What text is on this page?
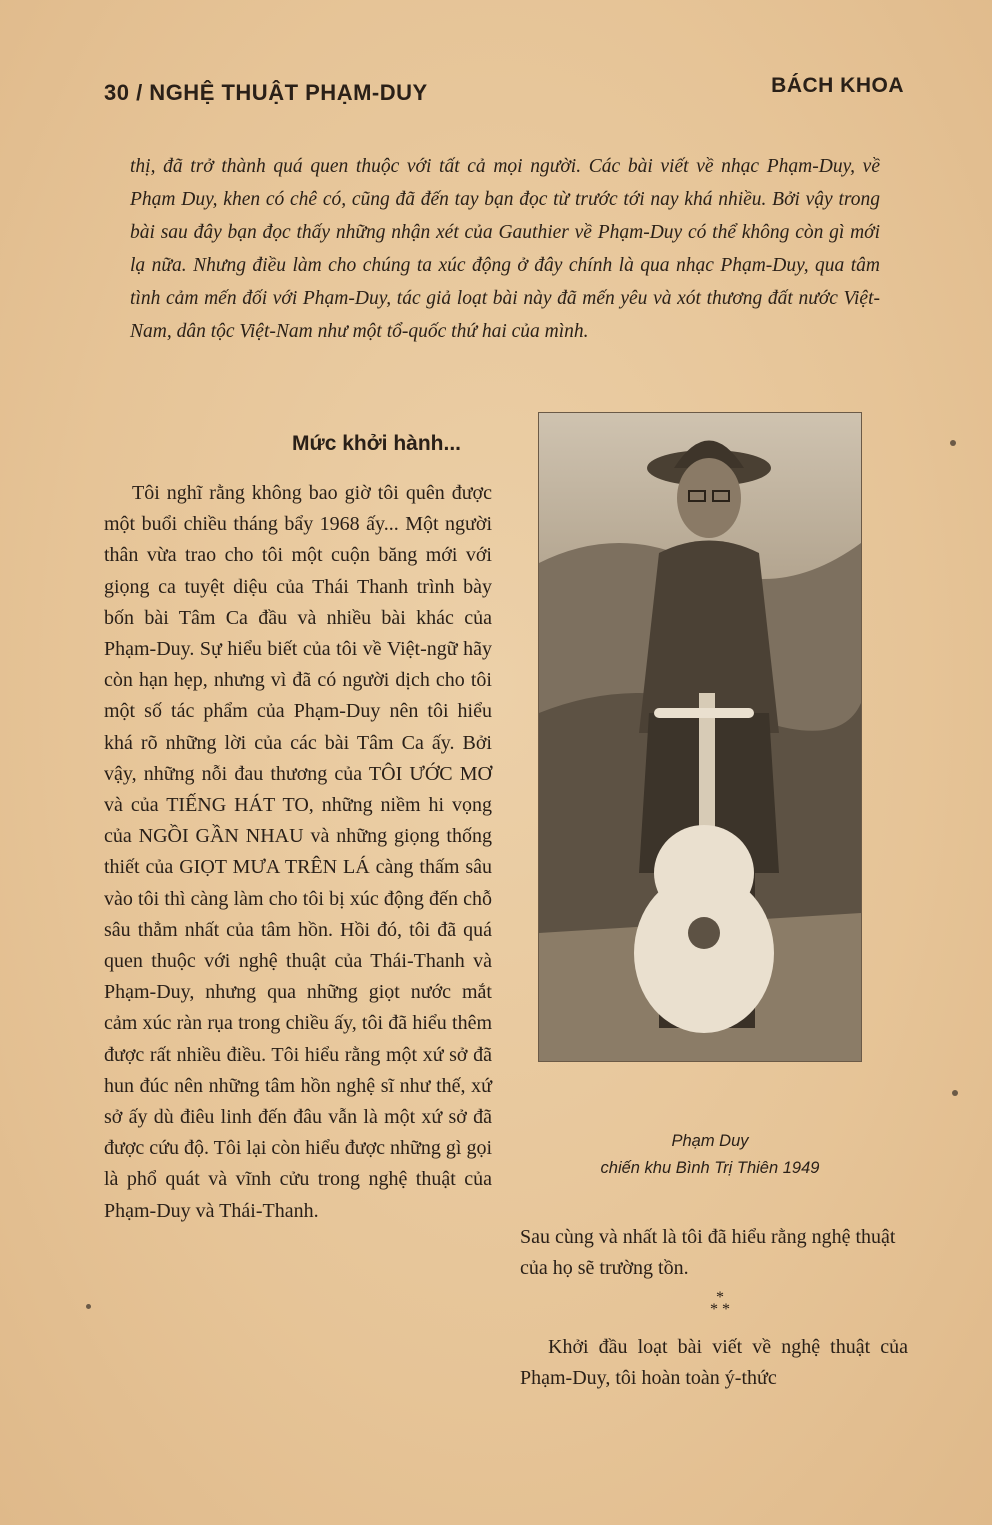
30 / NGHỆ THUẬT PHẠM-DUY	BÁCH KHOA
thị, đã trở thành quá quen thuộc với tất cả mọi người. Các bài viết về nhạc Phạm-Duy, về Phạm Duy, khen có chê có, cũng đã đến tay bạn đọc từ trước tới nay khá nhiều. Bởi vậy trong bài sau đây bạn đọc thấy những nhận xét của Gauthier về Phạm-Duy có thể không còn gì mới lạ nữa. Nhưng điều làm cho chúng ta xúc động ở đây chính là qua nhạc Phạm-Duy, qua tâm tình cảm mến đối với Phạm-Duy, tác giả loạt bài này đã mến yêu và xót thương đất nước Việt-Nam, dân tộc Việt-Nam như một tổ-quốc thứ hai của mình.
Mức khởi hành...
Tôi nghĩ rằng không bao giờ tôi quên được một buổi chiều tháng bẩy 1968 ấy... Một người thân vừa trao cho tôi một cuộn băng mới với giọng ca tuyệt diệu của Thái Thanh trình bày bốn bài Tâm Ca đầu và nhiều bài khác của Phạm-Duy. Sự hiểu biết của tôi về Việt-ngữ hãy còn hạn hẹp, nhưng vì đã có người dịch cho tôi một số tác phẩm của Phạm-Duy nên tôi hiểu khá rõ những lời của các bài Tâm Ca ấy. Bởi vậy, những nỗi đau thương của TÔI ƯỚC MƠ và của TIẾNG HÁT TO, những niềm hi vọng của NGỒI GẦN NHAU và những giọng thống thiết của GIỌT MƯA TRÊN LÁ càng thấm sâu vào tôi thì càng làm cho tôi bị xúc động đến chỗ sâu thẳm nhất của tâm hồn. Hồi đó, tôi đã quá quen thuộc với nghệ thuật của Thái-Thanh và Phạm-Duy, nhưng qua những giọt nước mắt cảm xúc ràn rụa trong chiều ấy, tôi đã hiểu thêm được rất nhiều điều. Tôi hiểu rằng một xứ sở đã hun đúc nên những tâm hồn nghệ sĩ như thế, xứ sở ấy dù điêu linh đến đâu vẫn là một xứ sở đã được cứu độ. Tôi lại còn hiểu được những gì gọi là phổ quát và vĩnh cửu trong nghệ thuật của Phạm-Duy và Thái-Thanh.
Phạm Duy
chiến khu Bình Trị Thiên 1949
Sau cùng và nhất là tôi đã hiểu rằng nghệ thuật của họ sẽ trường tồn.
*
* *
Khởi đầu loạt bài viết về nghệ thuật của Phạm-Duy, tôi hoàn toàn ý-thức
